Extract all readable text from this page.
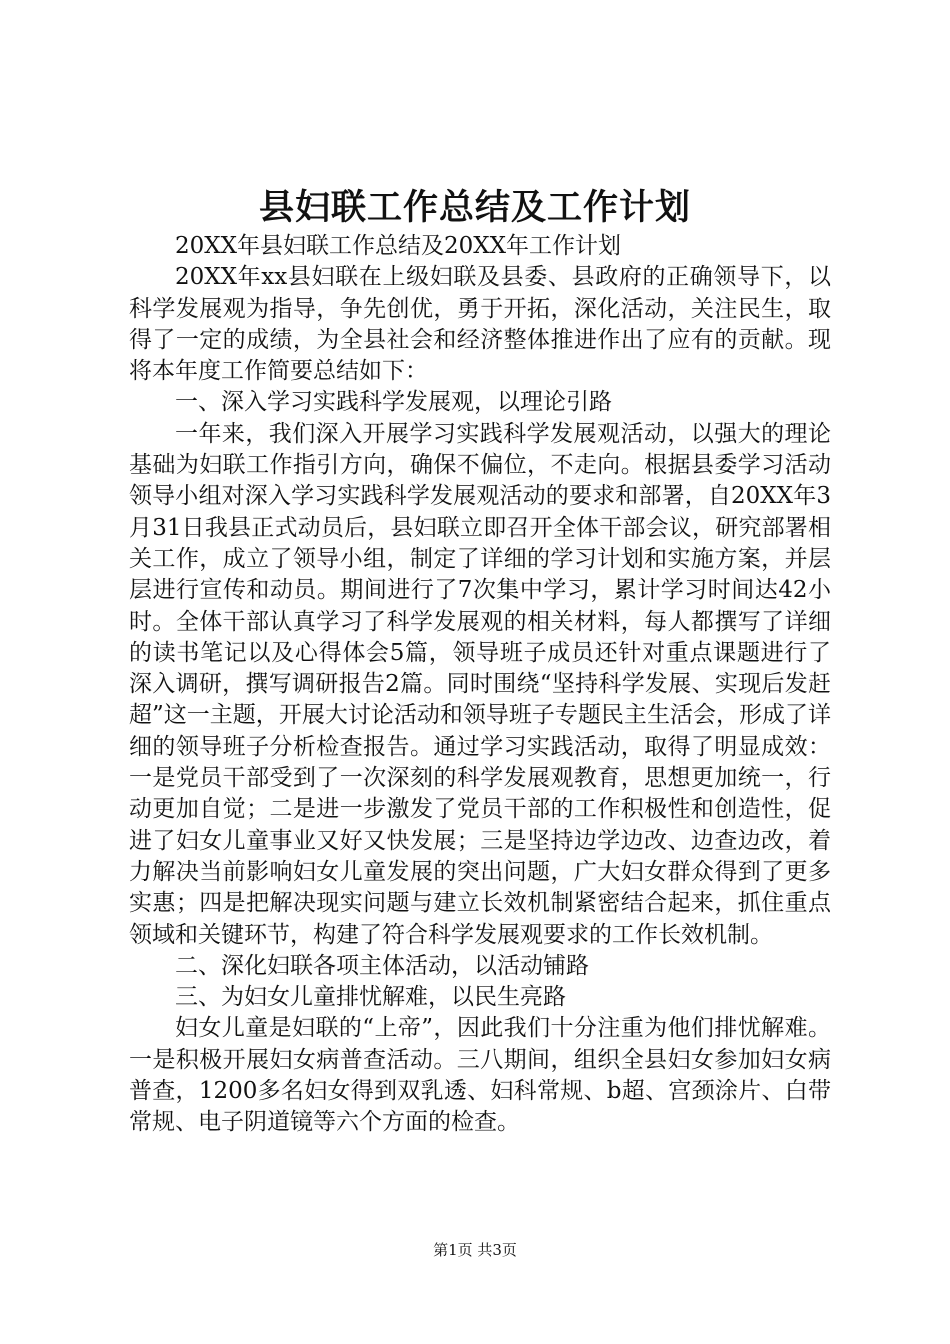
县妇联工作总结及工作计划

20XX年县妇联工作总结及20XX年工作计划

20XX年xx县妇联在上级妇联及县委、县政府的正确领导下，以科学发展观为指导，争先创优，勇于开拓，深化活动，关注民生，取得了一定的成绩，为全县社会和经济整体推进作出了应有的贡献。现将本年度工作简要总结如下：

一、深入学习实践科学发展观，以理论引路

一年来，我们深入开展学习实践科学发展观活动，以强大的理论基础为妇联工作指引方向，确保不偏位，不走向。根据县委学习活动领导小组对深入学习实践科学发展观活动的要求和部署，自20XX年3月31日我县正式动员后，县妇联立即召开全体干部会议，研究部署相关工作，成立了领导小组，制定了详细的学习计划和实施方案，并层层进行宣传和动员。期间进行了7次集中学习，累计学习时间达42小时。全体干部认真学习了科学发展观的相关材料，每人都撰写了详细的读书笔记以及心得体会5篇，领导班子成员还针对重点课题进行了深入调研，撰写调研报告2篇。同时围绕“坚持科学发展、实现后发赶超”这一主题，开展大讨论活动和领导班子专题民主生活会，形成了详细的领导班子分析检查报告。通过学习实践活动，取得了明显成效：一是党员干部受到了一次深刻的科学发展观教育，思想更加统一，行动更加自觉；二是进一步激发了党员干部的工作积极性和创造性，促进了妇女儿童事业又好又快发展；三是坚持边学边改、边查边改，着力解决当前影响妇女儿童发展的突出问题，广大妇女群众得到了更多实惠；四是把解决现实问题与建立长效机制紧密结合起来，抓住重点领域和关键环节，构建了符合科学发展观要求的工作长效机制。

二、深化妇联各项主体活动，以活动铺路

三、为妇女儿童排忧解难，以民生亮路

妇女儿童是妇联的“上帝”，因此我们十分注重为他们排忧解难。一是积极开展妇女病普查活动。三八期间，组织全县妇女参加妇女病普查，1200多名妇女得到双乳透、妇科常规、b超、宫颈涂片、白带常规、电子阴道镜等六个方面的检查。

第1页 共3页
